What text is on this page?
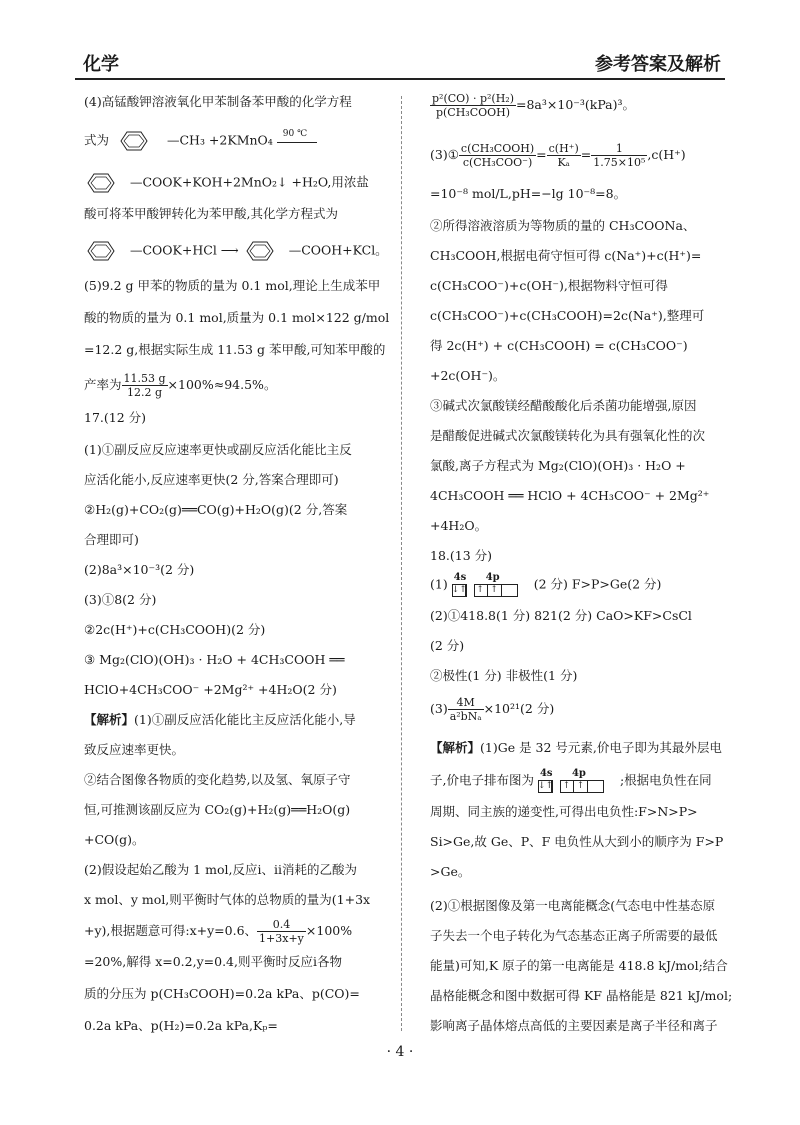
化学	参考答案及解析
(4)高锰酸钾溶液氧化甲苯制备苯甲酸的化学方程
式为	—CH₃ +2KMnO₄ 90 ℃
—COOK+KOH+2MnO₂↓ +H₂O,用浓盐
酸可将苯甲酸钾转化为苯甲酸,其化学方程式为
—COOK+HCl ⟶	—COOH+KCl。
(5)9.2 g 甲苯的物质的量为 0.1 mol,理论上生成苯甲
酸的物质的量为 0.1 mol,质量为 0.1 mol×122 g/mol
=12.2 g,根据实际生成 11.53 g 苯甲酸,可知苯甲酸的
产率为 $\frac{11.53 g}{12.2 g} \times 100\%\approx 94.5\%$。
17.(12 分)
(1)①副反应反应速率更快或副反应活化能比主反
应活化能小,反应速率更快(2 分,答案合理即可)
②H₂(g)+CO₂(g)══CO(g)+H₂O(g)(2 分,答案
合理即可)
(2)8a³×10⁻³(2 分)
(3)①8(2 分)
②2c(H⁺)+c(CH₃COOH)(2 分)
③ Mg₂(ClO)(OH)₃ · H₂O + 4CH₃COOH ══
HClO+4CH₃COO⁻ +2Mg²⁺ +4H₂O(2 分)
【解析】(1)①副反应活化能比主反应活化能小,导
致反应速率更快。
②结合图像各物质的变化趋势,以及氢、氧原子守
恒,可推测该副反应为 CO₂(g)+H₂(g)══H₂O(g)
+CO(g)。
(2)假设起始乙酸为 1 mol,反应ⅰ、ⅱ消耗的乙酸为
x mol、y mol,则平衡时气体的总物质的量为(1+3x
+y),根据题意可得:x+y=0.6、 $\frac{0.4}{1+3x+y} \times 100\%$
=20%,解得 x=0.2,y=0.4,则平衡时反应ⅰ各物
质的分压为 p(CH₃COOH)=0.2a kPa、p(CO)=
0.2a kPa、p(H₂)=0.2a kPa,Kₚ=
$\frac{\text{p²(CO) · p²(H₂)}}{\text{p(CH₃COOH)}} =8a^3\times 10^{-3}(kPa)^3$。
(3)① $\frac{\text{c(CH₃COOH)}}{\text{c(CH₃COO⁻)}} = \frac{c(H^+)}{\text{Kₐ}} = \frac{1}{\text{1.75×10⁵}} ,c(H^+)$
=10⁻⁸ mol/L,pH=−lg 10⁻⁸=8。
②所得溶液溶质为等物质的量的 CH₃COONa、
CH₃COOH,根据电荷守恒可得 c(Na⁺)+c(H⁺)=
c(CH₃COO⁻)+c(OH⁻),根据物料守恒可得
c(CH₃COO⁻)+c(CH₃COOH)=2c(Na⁺),整理可
得 2c(H⁺) + c(CH₃COOH) = c(CH₃COO⁻)
+2c(OH⁻)。
③碱式次氯酸镁经醋酸酸化后杀菌功能增强,原因
是醋酸促进碱式次氯酸镁转化为具有强氧化性的次
氯酸,离子方程式为 Mg₂(ClO)(OH)₃ · H₂O +
4CH₃COOH ══ HClO + 4CH₃COO⁻ + 2Mg²⁺
+4H₂O。
18.(13 分)
(1) 4s
↓↑
4p
↑ ↑	(2 分) F>P>Ge(2 分)
(2)①418.8(1 分) 821(2 分) CaO>KF>CsCl
(2 分)
②极性(1 分) 非极性(1 分)
$(3) \frac{4M}{\text{a²bNₐ}} \times 10^{21}(2$ 分)
【解析】(1)Ge 是 32 号元素,价电子即为其最外层电
子,价电子排布图为 4s
↓↑
4p
↑ ↑	;根据电负性在同
周期、同主族的递变性,可得出电负性:F>N>P>
Si>Ge,故 Ge、P、F 电负性从大到小的顺序为 F>P
>Ge。
(2)①根据图像及第一电离能概念(气态电中性基态原
子失去一个电子转化为气态基态正离子所需要的最低
能量)可知,K 原子的第一电离能是 418.8 kJ/mol;结合
晶格能概念和图中数据可得 KF 晶格能是 821 kJ/mol;
影响离子晶体熔点高低的主要因素是离子半径和离子
· 4 ·
